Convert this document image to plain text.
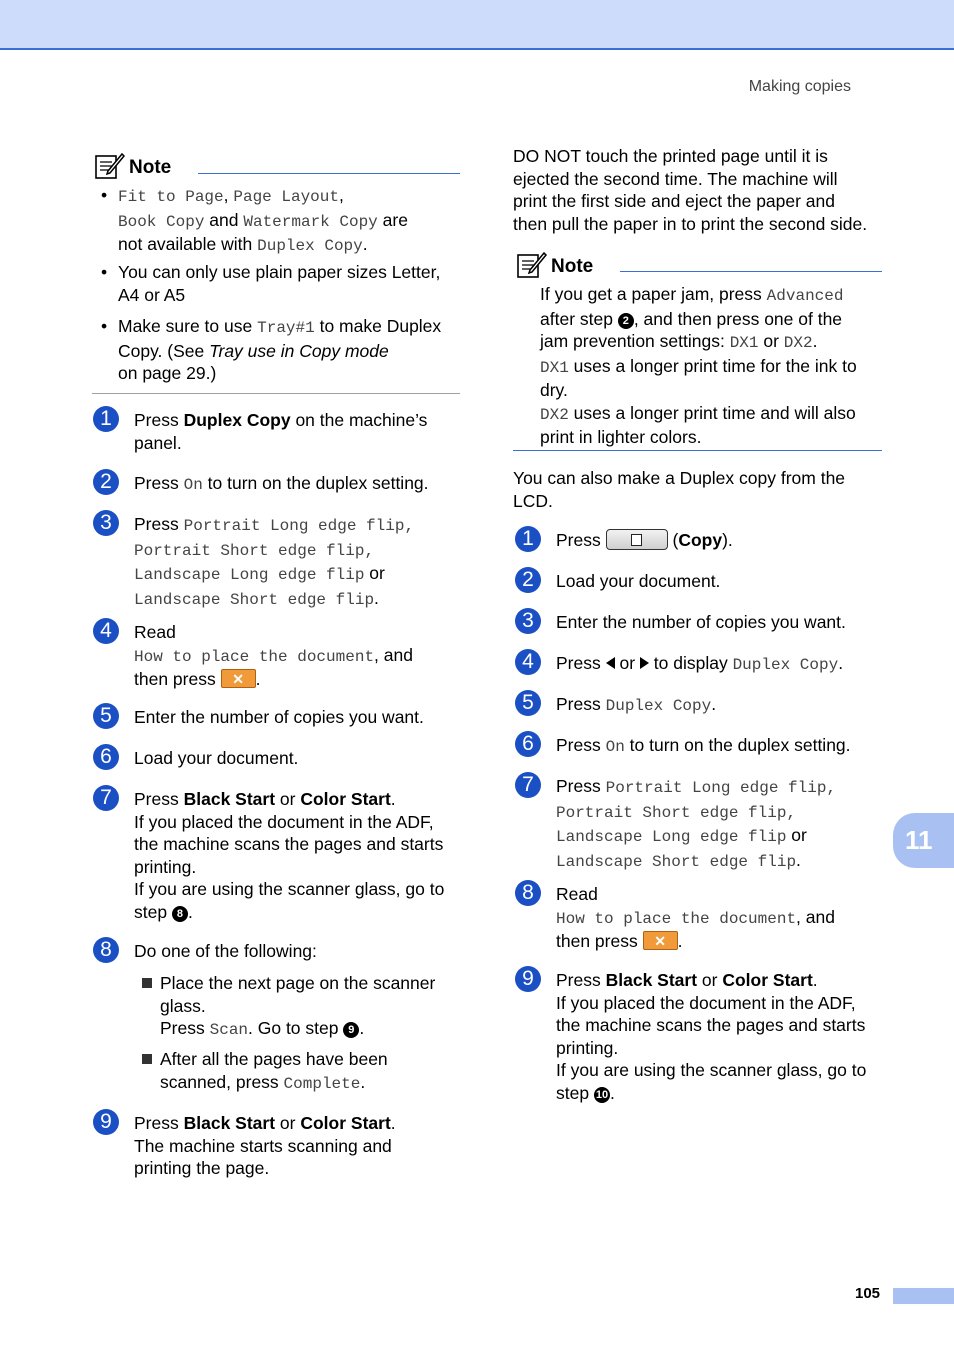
Making copies
Note
• Fit to Page, Page Layout,
Book Copy and Watermark Copy are
not available with Duplex Copy.
• You can only use plain paper sizes Letter, A4 or A5
• Make sure to use Tray#1 to make Duplex Copy. (See Tray use in Copy mode
on page 29.)
1	Press Duplex Copy on the machine’s panel.
2	Press On to turn on the duplex setting.
3	Press Portrait Long edge flip,
Portrait Short edge flip,
Landscape Long edge flip or
Landscape Short edge flip.
4	Read
How to place the document, and
then press ✕.
5	Enter the number of copies you want.
6	Load your document.
7	Press Black Start or Color Start.
If you placed the document in the ADF,
the machine scans the pages and starts
printing.
If you are using the scanner glass, go to
step 8 .
8	Do one of the following:
Place the next page on the scanner
glass.
Press Scan. Go to step 9 .
After all the pages have been
scanned, press Complete.
9	Press Black Start or Color Start.
The machine starts scanning and
printing the page.
DO NOT touch the printed page until it is
ejected the second time. The machine will
print the first side and eject the paper and
then pull the paper in to print the second side.
Note
If you get a paper jam, press Advanced
after step 2 , and then press one of the
jam prevention settings: DX1 or DX2.
DX1 uses a longer print time for the ink to
dry.
DX2 uses a longer print time and will also
print in lighter colors.
You can also make a Duplex copy from the
LCD.
1	Press	(Copy).
2	Load your document.
3	Enter the number of copies you want.
4	Press  or  to display Duplex Copy.
5	Press Duplex Copy.
6	Press On to turn on the duplex setting.
7	Press Portrait Long edge flip,
Portrait Short edge flip,
Landscape Long edge flip or
Landscape Short edge flip.
8	Read
How to place the document, and
then press ✕.
9	Press Black Start or Color Start.
If you placed the document in the ADF,
the machine scans the pages and starts
printing.
If you are using the scanner glass, go to
step 10 .
11
105
